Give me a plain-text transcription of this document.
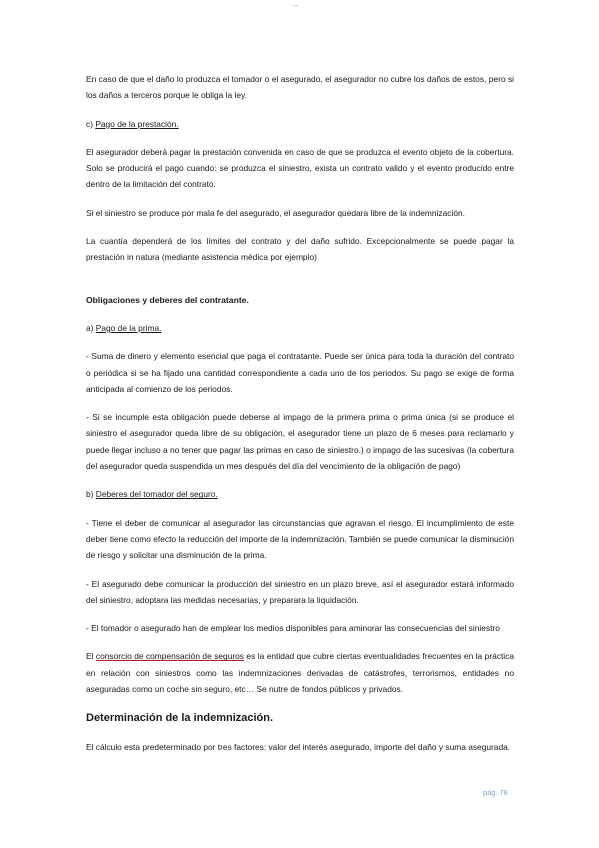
....

En caso de que el daño lo produzca el tomador o el asegurado, el asegurador no cubre los daños de estos, pero si los daños a terceros porque le obliga la ley.

c) Pago de la prestación.

El asegurador deberá pagar la prestación convenida en caso de que se produzca el evento objeto de la cobertura. Solo se producirá el pago cuando: se produzca el siniestro, exista un contrato valido y el evento producido entre dentro de la limitación del contrato.

Si el siniestro se produce por mala fe del asegurado, el asegurador quedara libre de la indemnización.

La cuantía dependerá de los límites del contrato y del daño sufrido. Excepcionalmente se puede pagar la prestación in natura (mediante asistencia médica por ejemplo)

Obligaciones y deberes del contratante.

a) Pago de la prima.

- Suma de dinero y elemento esencial que paga el contratante. Puede ser única para toda la duración del contrato o periódica si se ha fijado una cantidad correspondiente a cada uno de los periodos. Su pago se exige de forma anticipada al comienzo de los periodos.

- Si se incumple esta obligación puede deberse al impago de la primera prima o prima única (si se produce el siniestro el asegurador queda libre de su obligación, el asegurador tiene un plazo de 6 meses para reclamarlo y puede llegar incluso a no tener que pagar las primas en caso de siniestro.) o impago de las sucesivas (la cobertura del asegurador queda suspendida un mes después del día del vencimiento de la obligación de pago)

b) Deberes del tomador del seguro.

- Tiene el deber de comunicar al asegurador las circunstancias que agravan el riesgo. El incumplimiento de este deber tiene como efecto la reducción del importe de la indemnización. También se puede comunicar la disminución de riesgo y solicitar una disminución de la prima.

- El asegurado debe comunicar la producción del siniestro en un plazo breve, así el asegurador estará informado del siniestro, adoptara las medidas necesarias, y preparara la liquidación.

- El tomador o asegurado han de emplear los medios disponibles para aminorar las consecuencias del siniestro

El consorcio de compensación de seguros es la entidad que cubre ciertas eventualidades frecuentes en la práctica en relación con siniestros como las indemnizaciones derivadas de catástrofes, terrorismos, entidades no aseguradas como un coche sin seguro, etc… Se nutre de fondos públicos y privados.

Determinación de la indemnización.

El cálculo esta predeterminado por tres factores: valor del interés asegurado, importe del daño y suma asegurada.

pág. 78
